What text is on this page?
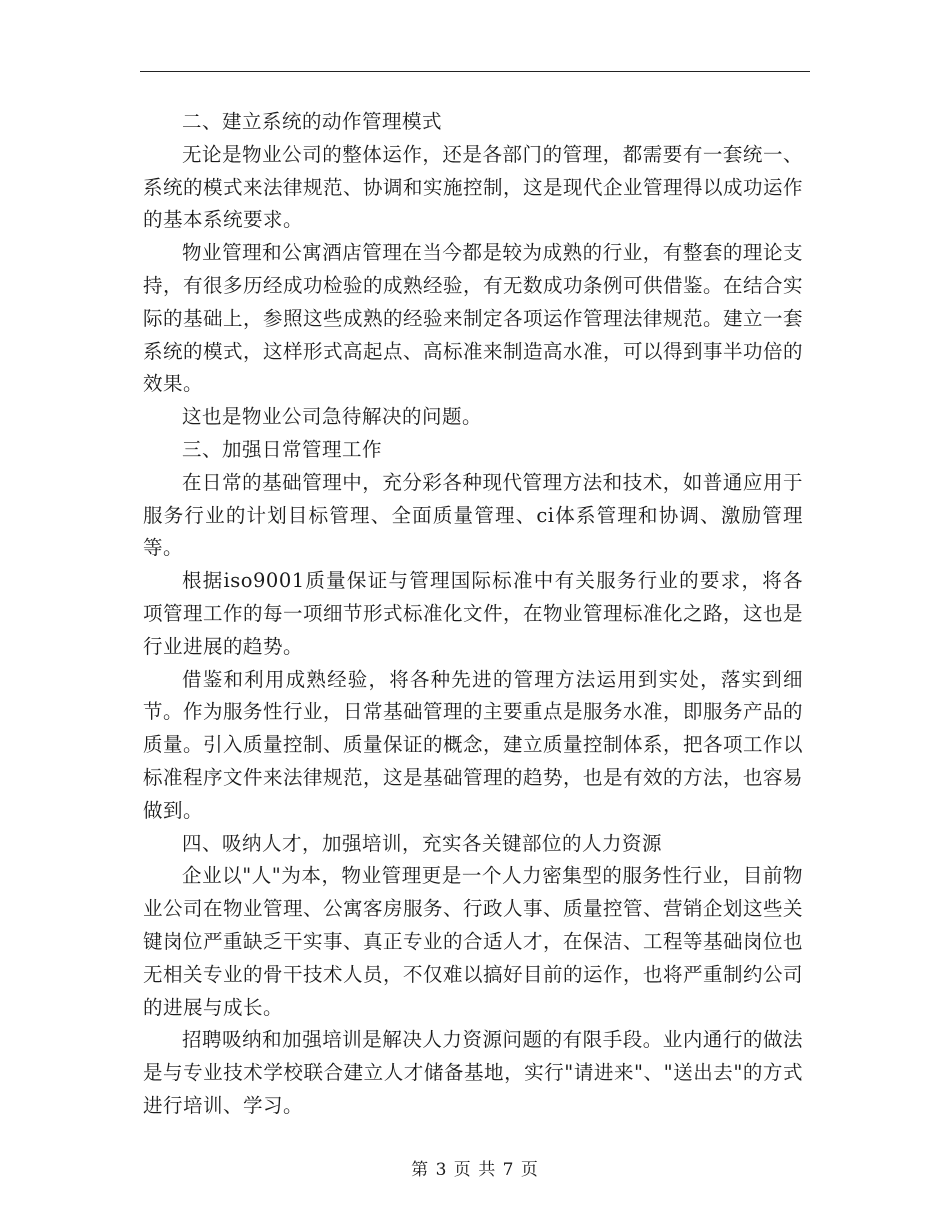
二、建立系统的动作管理模式

无论是物业公司的整体运作，还是各部门的管理，都需要有一套统一、系统的模式来法律规范、协调和实施控制，这是现代企业管理得以成功运作的基本系统要求。

物业管理和公寓酒店管理在当今都是较为成熟的行业，有整套的理论支持，有很多历经成功检验的成熟经验，有无数成功条例可供借鉴。在结合实际的基础上，参照这些成熟的经验来制定各项运作管理法律规范。建立一套系统的模式，这样形式高起点、高标准来制造高水准，可以得到事半功倍的效果。

这也是物业公司急待解决的问题。

三、加强日常管理工作

在日常的基础管理中，充分彩各种现代管理方法和技术，如普通应用于服务行业的计划目标管理、全面质量管理、ci体系管理和协调、激励管理等。

根据iso9001质量保证与管理国际标准中有关服务行业的要求，将各项管理工作的每一项细节形式标准化文件，在物业管理标准化之路，这也是行业进展的趋势。

借鉴和利用成熟经验，将各种先进的管理方法运用到实处，落实到细节。作为服务性行业，日常基础管理的主要重点是服务水准，即服务产品的质量。引入质量控制、质量保证的概念，建立质量控制体系，把各项工作以标准程序文件来法律规范，这是基础管理的趋势，也是有效的方法，也容易做到。

四、吸纳人才，加强培训，充实各关键部位的人力资源

企业以"人"为本，物业管理更是一个人力密集型的服务性行业，目前物业公司在物业管理、公寓客房服务、行政人事、质量控管、营销企划这些关键岗位严重缺乏干实事、真正专业的合适人才，在保洁、工程等基础岗位也无相关专业的骨干技术人员，不仅难以搞好目前的运作，也将严重制约公司的进展与成长。

招聘吸纳和加强培训是解决人力资源问题的有限手段。业内通行的做法是与专业技术学校联合建立人才储备基地，实行"请进来"、"送出去"的方式进行培训、学习。

第 3 页 共 7 页
